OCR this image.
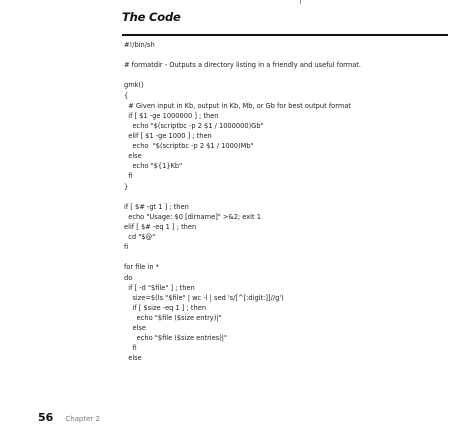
The Code
#!/bin/sh
# formatdir - Outputs a directory listing in a friendly and useful format.
gmk()
{
# Given input in Kb, output in Kb, Mb, or Gb for best output format
if [ $1 -ge 1000000 ] ; then
echo "$(scriptbc -p 2 $1 / 1000000)Gb"
elif [ $1 -ge 1000 ] ; then
echo  "$(scriptbc -p 2 $1 / 1000)Mb"
else
echo "${1}Kb"
fi
}
if [ $# -gt 1 ] ; then
echo "Usage: $0 [dirname]" >&2; exit 1
elif [ $# -eq 1 ] ; then
cd "$@"
fi
for file in *
do
if [ -d "$file" ] ; then
size=$(ls "$file" | wc -l | sed 's/[^[:digit:]]//g')
if [ $size -eq 1 ] ; then
echo "$file ($size entry)|"
else
echo "$file ($size entries)|"
fi
else
56 Chapter 2
